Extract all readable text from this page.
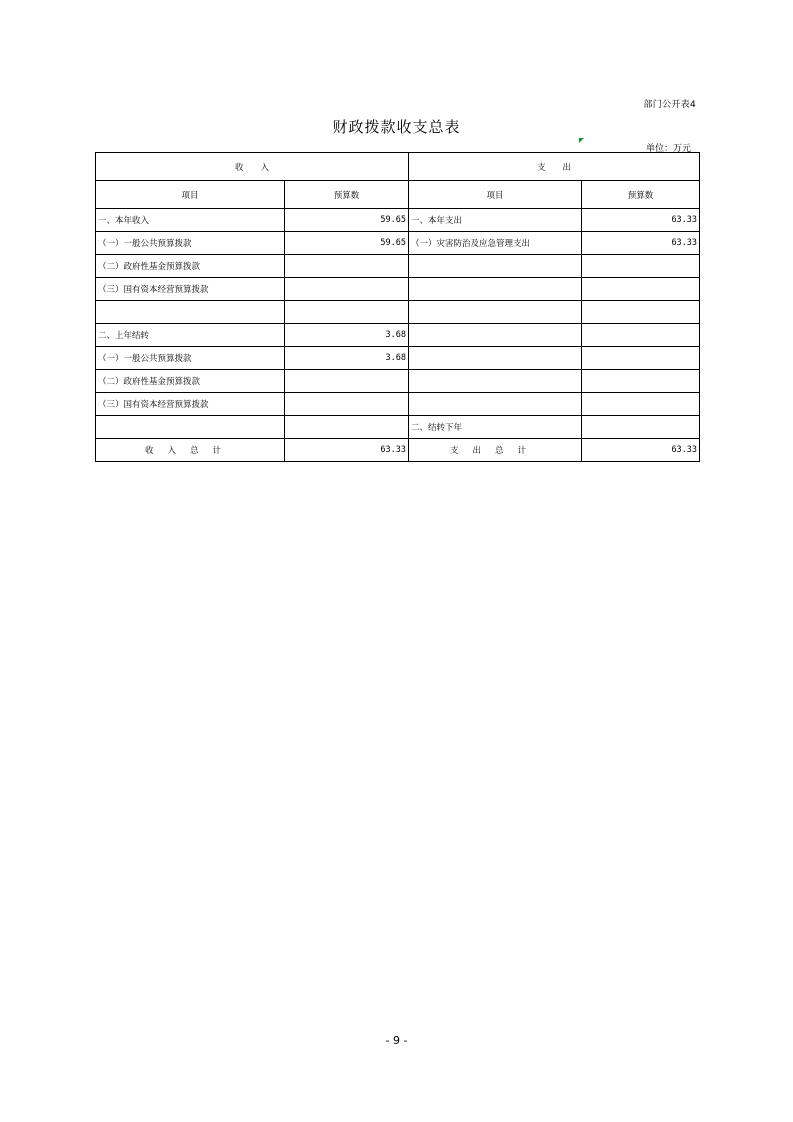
部门公开表4
财政拨款收支总表
单位：万元
收　　入		支　　出	
项目	预算数	项目	预算数
一、本年收入	59.65	一、本年支出	63.33
（一）一般公共预算拨款	59.65	（一）灾害防治及应急管理支出	63.33
（二）政府性基金预算拨款			
（三）国有资本经营预算拨款			

二、上年结转	3.68		
（一）一般公共预算拨款	3.68		
（二）政府性基金预算拨款			
（三）国有资本经营预算拨款			
		二、结转下年	
收入总计	63.33	支出总计	63.33
- 9 -
